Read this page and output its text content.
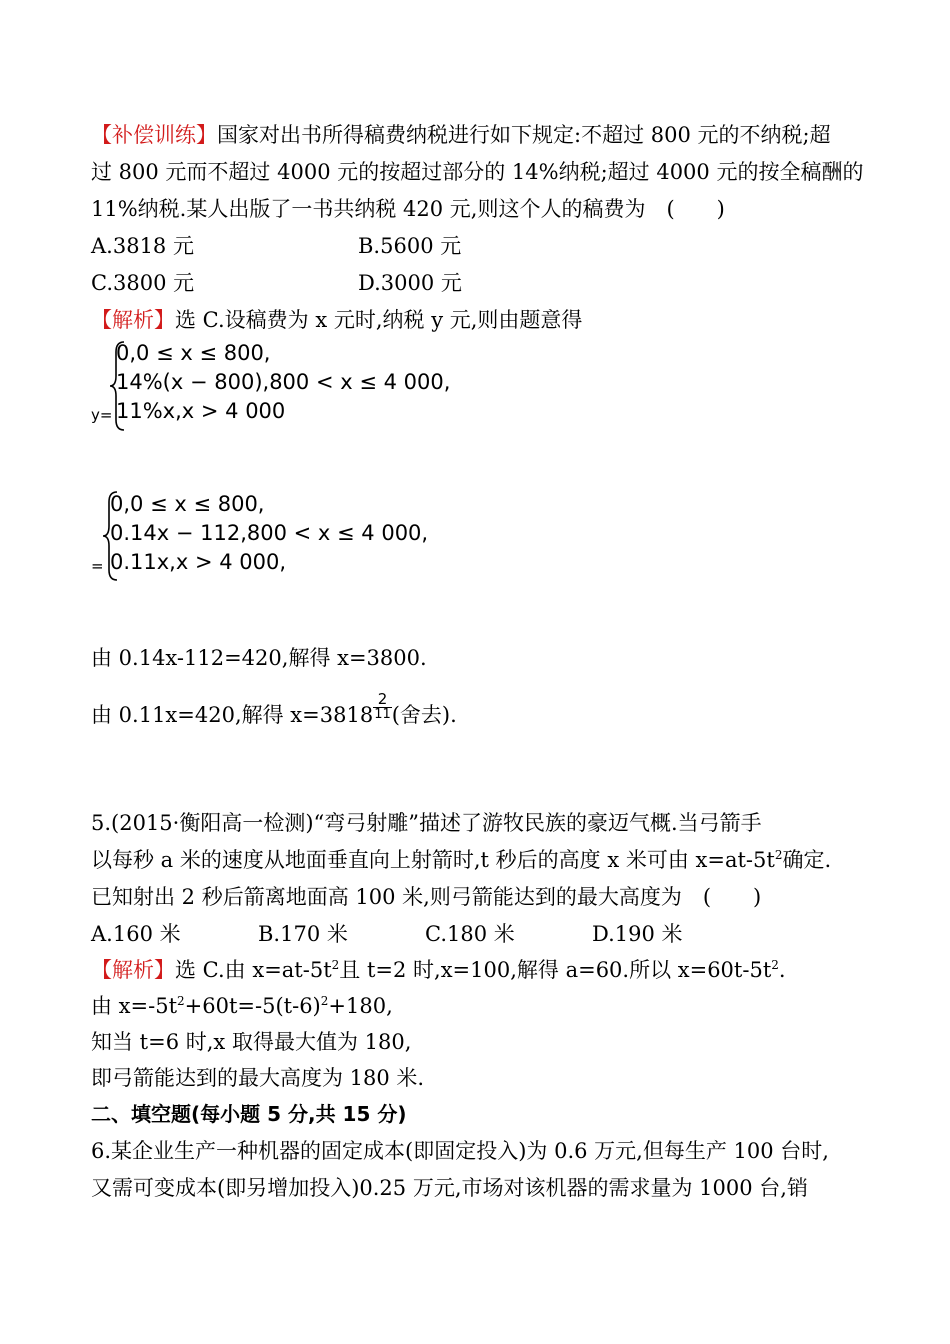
【补偿训练】国家对出书所得稿费纳税进行如下规定:不超过 800 元的不纳税;超
过 800 元而不超过 4000 元的按超过部分的 14%纳税;超过 4000 元的按全稿酬的
11%纳税.某人出版了一书共纳税 420 元,则这个人的稿费为　(　　)
A.3818 元	B.5600 元
C.3800 元	D.3000 元
【解析】选 C.设稿费为 x 元时,纳税 y 元,则由题意得
0,0 ≤ x ≤ 800,
14%(x − 800),800 < x ≤ 4 000,
11%x,x > 4 000
y=
0,0 ≤ x ≤ 800,
0.14x − 112,800 < x ≤ 4 000,
0.11x,x > 4 000,
=
由 0.14x-112=420,解得 x=3800.
由 0.11x=420,解得 $x=3818 \frac{2}{11}$ (舍去).
5.(2015·衡阳高一检测)“弯弓射雕”描述了游牧民族的豪迈气概.当弓箭手
以每秒 a 米的速度从地面垂直向上射箭时,t 秒后的高度 x 米可由 $x=at-5t^2$确定.
已知射出 2 秒后箭离地面高 100 米,则弓箭能达到的最大高度为　(　　)
A.160 米	B.170 米	C.180 米	D.190 米
【解析】选 C.由 $x=at-5t^2$且 t=2 时,x=100,解得 a=60.所以 $x=60t-5t^2$.
由 $x=-5t^2+60t=-5(t-6)^2+180$,
知当 t=6 时,x 取得最大值为 180,
即弓箭能达到的最大高度为 180 米.
二、填空题(每小题 5 分,共 15 分)
6.某企业生产一种机器的固定成本(即固定投入)为 0.6 万元,但每生产 100 台时,
又需可变成本(即另增加投入)0.25 万元,市场对该机器的需求量为 1000 台,销
